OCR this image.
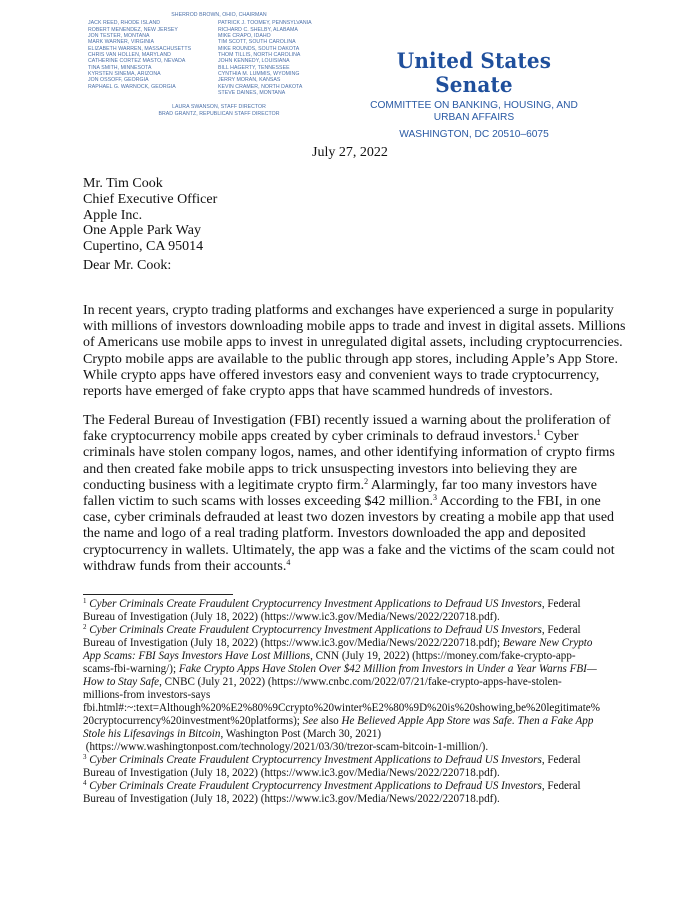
SHERROD BROWN, OHIO, CHAIRMAN
JACK REED, RHODE ISLAND
ROBERT MENENDEZ, NEW JERSEY
JON TESTER, MONTANA
MARK WARNER, VIRGINIA
ELIZABETH WARREN, MASSACHUSETTS
CHRIS VAN HOLLEN, MARYLAND
CATHERINE CORTEZ MASTO, NEVADA
TINA SMITH, MINNESOTA
KYRSTEN SINEMA, ARIZONA
JON OSSOFF, GEORGIA
RAPHAEL G. WARNOCK, GEORGIA
PATRICK J. TOOMEY, PENNSYLVANIA
RICHARD C. SHELBY, ALABAMA
MIKE CRAPO, IDAHO
TIM SCOTT, SOUTH CAROLINA
MIKE ROUNDS, SOUTH DAKOTA
THOM TILLIS, NORTH CAROLINA
JOHN KENNEDY, LOUISIANA
BILL HAGERTY, TENNESSEE
CYNTHIA M. LUMMIS, WYOMING
JERRY MORAN, KANSAS
KEVIN CRAMER, NORTH DAKOTA
STEVE DAINES, MONTANA
LAURA SWANSON, STAFF DIRECTOR
BRAD GRANTZ, REPUBLICAN STAFF DIRECTOR
United States Senate
COMMITTEE ON BANKING, HOUSING, AND
URBAN AFFAIRS
WASHINGTON, DC 20510–6075
July 27, 2022
Mr. Tim Cook
Chief Executive Officer
Apple Inc.
One Apple Park Way
Cupertino, CA 95014
Dear Mr. Cook:
In recent years, crypto trading platforms and exchanges have experienced a surge in popularity
with millions of investors downloading mobile apps to trade and invest in digital assets. Millions
of Americans use mobile apps to invest in unregulated digital assets, including cryptocurrencies.
Crypto mobile apps are available to the public through app stores, including Apple’s App Store.
While crypto apps have offered investors easy and convenient ways to trade cryptocurrency,
reports have emerged of fake crypto apps that have scammed hundreds of investors.
The Federal Bureau of Investigation (FBI) recently issued a warning about the proliferation of
fake cryptocurrency mobile apps created by cyber criminals to defraud investors.$^1$ Cyber
criminals have stolen company logos, names, and other identifying information of crypto firms
and then created fake mobile apps to trick unsuspecting investors into believing they are
conducting business with a legitimate crypto firm.$^2$ Alarmingly, far too many investors have
fallen victim to such scams with losses exceeding $42 million.$^3$ According to the FBI, in one
case, cyber criminals defrauded at least two dozen investors by creating a mobile app that used
the name and logo of a real trading platform. Investors downloaded the app and deposited
cryptocurrency in wallets. Ultimately, the app was a fake and the victims of the scam could not
withdraw funds from their accounts.$^4$
$^1$ Cyber Criminals Create Fraudulent Cryptocurrency Investment Applications to Defraud US Investors, Federal
Bureau of Investigation (July 18, 2022) (https://www.ic3.gov/Media/News/2022/220718.pdf).
$^2$ Cyber Criminals Create Fraudulent Cryptocurrency Investment Applications to Defraud US Investors, Federal
Bureau of Investigation (July 18, 2022) (https://www.ic3.gov/Media/News/2022/220718.pdf); Beware New Crypto
App Scams: FBI Says Investors Have Lost Millions, CNN (July 19, 2022) (https://money.com/fake-crypto-app-
scams-fbi-warning/); Fake Crypto Apps Have Stolen Over $42 Million from Investors in Under a Year Warns FBI—
How to Stay Safe, CNBC (July 21, 2022) (https://www.cnbc.com/2022/07/21/fake-crypto-apps-have-stolen-
millions-from investors-says
fbi.html#:~:text=Although%20%E2%80%9Ccrypto%20winter%E2%80%9D%20is%20showing,be%20legitimate%
20cryptocurrency%20investment%20platforms); See also He Believed Apple App Store was Safe. Then a Fake App
Stole his Lifesavings in Bitcoin, Washington Post (March 30, 2021)
(https://www.washingtonpost.com/technology/2021/03/30/trezor-scam-bitcoin-1-million/).
$^3$ Cyber Criminals Create Fraudulent Cryptocurrency Investment Applications to Defraud US Investors, Federal
Bureau of Investigation (July 18, 2022) (https://www.ic3.gov/Media/News/2022/220718.pdf).
$^4$ Cyber Criminals Create Fraudulent Cryptocurrency Investment Applications to Defraud US Investors, Federal
Bureau of Investigation (July 18, 2022) (https://www.ic3.gov/Media/News/2022/220718.pdf).
